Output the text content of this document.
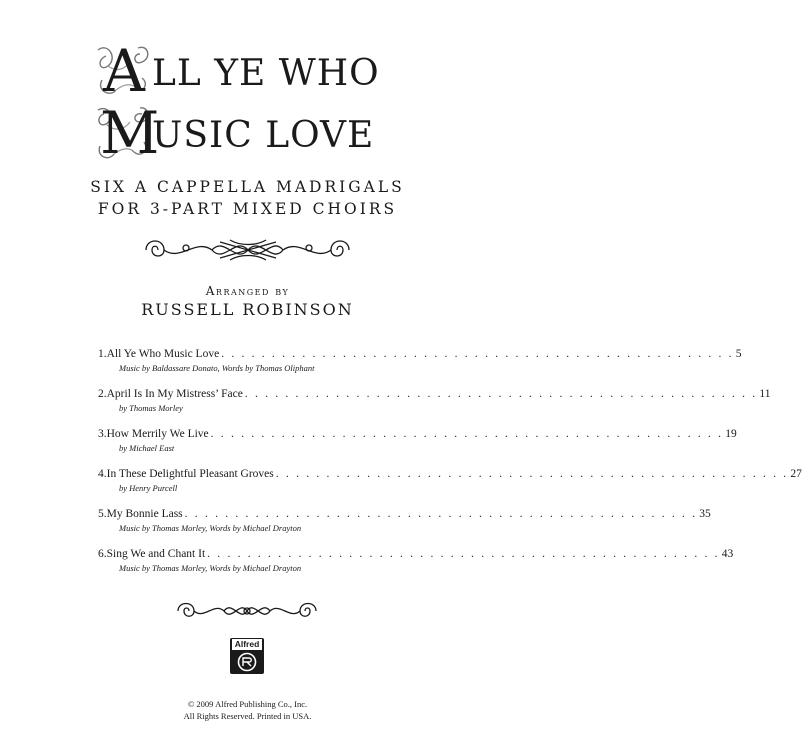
A LL YE WHO
M
USIC LOVE
SIX A CAPPELLA MADRIGALS
FOR 3-PART MIXED CHOIRS
Arranged by
RUSSELL ROBINSON
1. All Ye Who Music Love . . . . . . . . . . . . . . . . . . . . . . . . . . . . . . . . . . . . . . . . . . . . . . . . . . . 5
Music by Baldassare Donato, Words by Thomas Oliphant
2. April Is In My Mistress’ Face . . . . . . . . . . . . . . . . . . . . . . . . . . . . . . . . . . . . . . . . . . . . . . . . . . . 11
by Thomas Morley
3. How Merrily We Live . . . . . . . . . . . . . . . . . . . . . . . . . . . . . . . . . . . . . . . . . . . . . . . . . . . 19
by Michael East
4. In These Delightful Pleasant Groves . . . . . . . . . . . . . . . . . . . . . . . . . . . . . . . . . . . . . . . . . . . . . . . . . . . 27
by Henry Purcell
5. My Bonnie Lass . . . . . . . . . . . . . . . . . . . . . . . . . . . . . . . . . . . . . . . . . . . . . . . . . . . 35
Music by Thomas Morley, Words by Michael Drayton
6. Sing We and Chant It . . . . . . . . . . . . . . . . . . . . . . . . . . . . . . . . . . . . . . . . . . . . . . . . . . . 43
Music by Thomas Morley, Words by Michael Drayton
Alfred
© 2009 Alfred Publishing Co., Inc.
All Rights Reserved. Printed in USA.
